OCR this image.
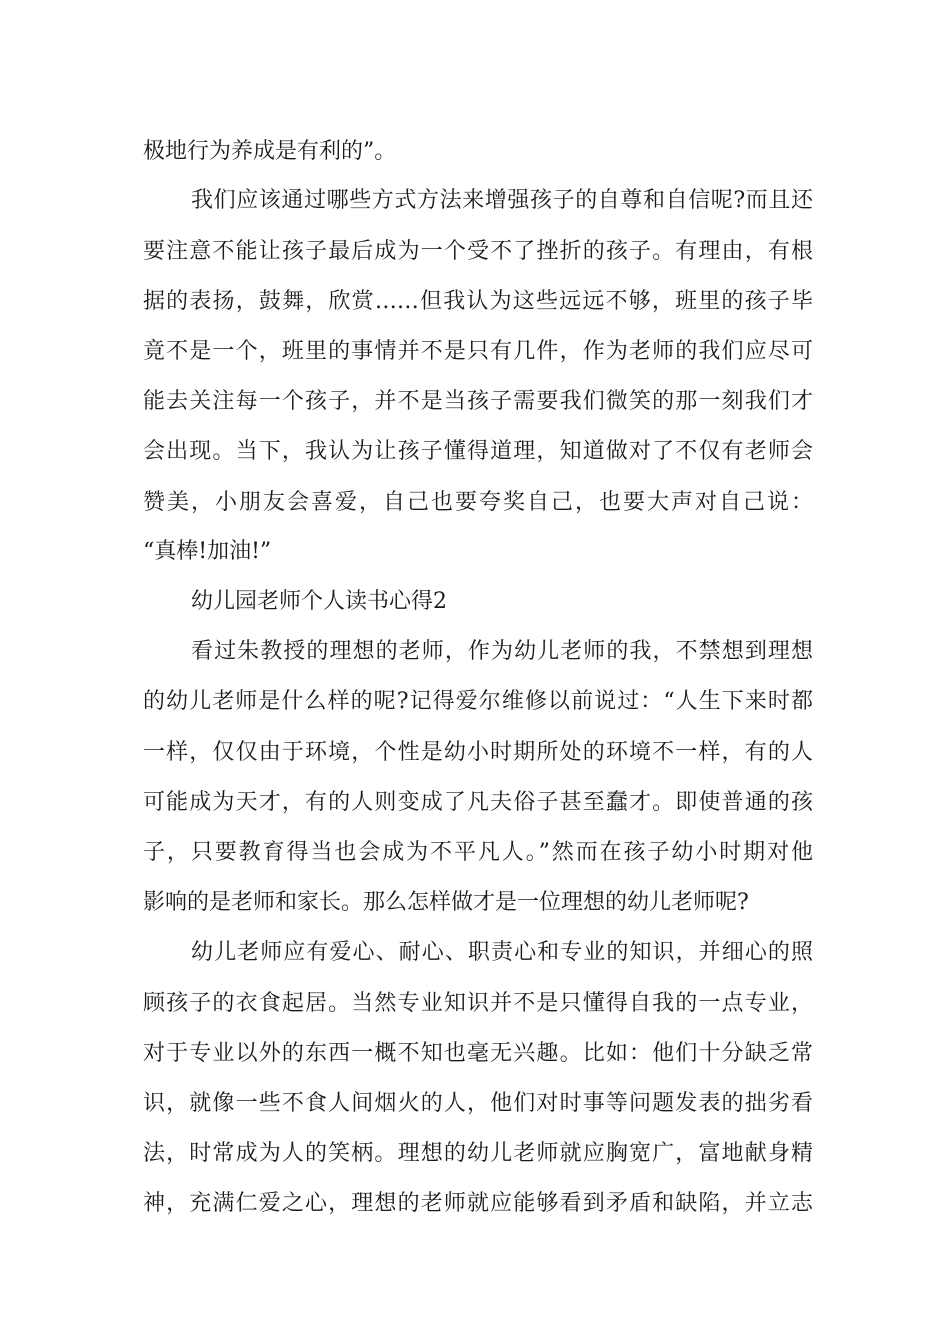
极地行为养成是有利的”。
我们应该通过哪些方式方法来增强孩子的自尊和自信呢?而且还
要注意不能让孩子最后成为一个受不了挫折的孩子。有理由，有根
据的表扬，鼓舞，欣赏……但我认为这些远远不够，班里的孩子毕
竟不是一个，班里的事情并不是只有几件，作为老师的我们应尽可
能去关注每一个孩子，并不是当孩子需要我们微笑的那一刻我们才
会出现。当下，我认为让孩子懂得道理，知道做对了不仅有老师会
赞美，小朋友会喜爱，自己也要夸奖自己，也要大声对自己说：
“真棒!加油!”
幼儿园老师个人读书心得2
看过朱教授的理想的老师，作为幼儿老师的我，不禁想到理想
的幼儿老师是什么样的呢?记得爱尔维修以前说过：“人生下来时都
一样，仅仅由于环境，个性是幼小时期所处的环境不一样，有的人
可能成为天才，有的人则变成了凡夫俗子甚至蠢才。即使普通的孩
子，只要教育得当也会成为不平凡人。”然而在孩子幼小时期对他
影响的是老师和家长。那么怎样做才是一位理想的幼儿老师呢?
幼儿老师应有爱心、耐心、职责心和专业的知识，并细心的照
顾孩子的衣食起居。当然专业知识并不是只懂得自我的一点专业，
对于专业以外的东西一概不知也毫无兴趣。比如：他们十分缺乏常
识，就像一些不食人间烟火的人，他们对时事等问题发表的拙劣看
法，时常成为人的笑柄。理想的幼儿老师就应胸宽广，富地献身精
神，充满仁爱之心，理想的老师就应能够看到矛盾和缺陷，并立志
